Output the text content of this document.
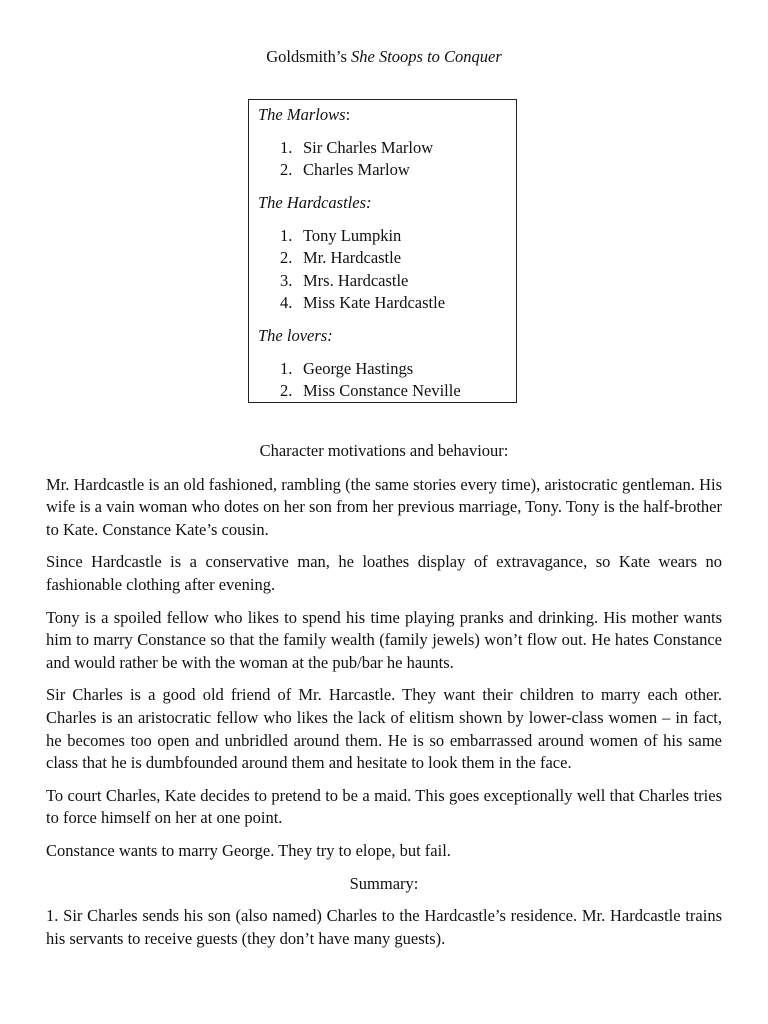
Goldsmith’s She Stoops to Conquer
The Marlows:
1. Sir Charles Marlow
2. Charles Marlow
The Hardcastles:
1. Tony Lumpkin
2. Mr. Hardcastle
3. Mrs. Hardcastle
4. Miss Kate Hardcastle
The lovers:
1. George Hastings
2. Miss Constance Neville

Character motivations and behaviour:

Mr. Hardcastle is an old fashioned, rambling (the same stories every time), aristocratic gentleman. His wife is a vain woman who dotes on her son from her previous marriage, Tony. Tony is the half-brother to Kate. Constance Kate’s cousin.

Since Hardcastle is a conservative man, he loathes display of extravagance, so Kate wears no fashionable clothing after evening.

Tony is a spoiled fellow who likes to spend his time playing pranks and drinking. His mother wants him to marry Constance so that the family wealth (family jewels) won’t flow out. He hates Constance and would rather be with the woman at the pub/bar he haunts.

Sir Charles is a good old friend of Mr. Harcastle. They want their children to marry each other. Charles is an aristocratic fellow who likes the lack of elitism shown by lower-class women – in fact, he becomes too open and unbridled around them. He is so embarrassed around women of his same class that he is dumbfounded around them and hesitate to look them in the face.

To court Charles, Kate decides to pretend to be a maid. This goes exceptionally well that Charles tries to force himself on her at one point.

Constance wants to marry George. They try to elope, but fail.

Summary:

1. Sir Charles sends his son (also named) Charles to the Hardcastle’s residence. Mr. Hardcastle trains his servants to receive guests (they don’t have many guests).
